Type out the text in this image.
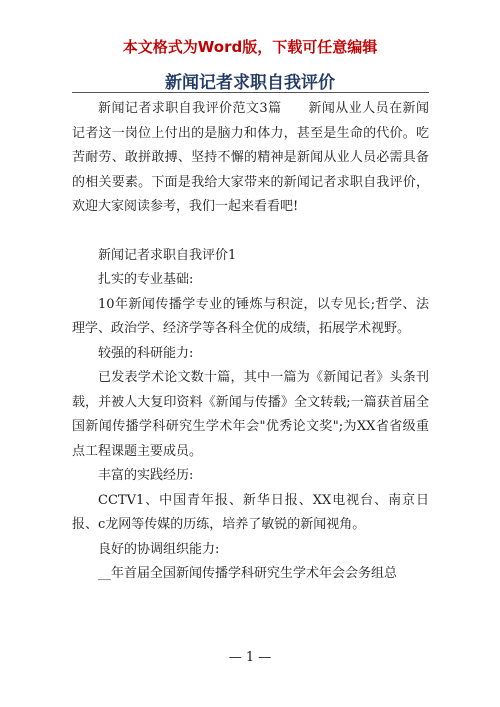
本文格式为Word版，下载可任意编辑
新闻记者求职自我评价

新闻记者求职自我评价范文3篇　　新闻从业人员在新闻记者这一岗位上付出的是脑力和体力，甚至是生命的代价。吃苦耐劳、敢拼敢搏、坚持不懈的精神是新闻从业人员必需具备的相关要素。下面是我给大家带来的新闻记者求职自我评价，欢迎大家阅读参考，我们一起来看看吧!

新闻记者求职自我评价1

扎实的专业基础:

10年新闻传播学专业的锤炼与积淀，以专见长;哲学、法理学、政治学、经济学等各科全优的成绩，拓展学术视野。

较强的科研能力:

已发表学术论文数十篇，其中一篇为《新闻记者》头条刊载，并被人大复印资料《新闻与传播》全文转载;一篇获首届全国新闻传播学科研究生学术年会"优秀论文奖";为XX省省级重点工程课题主要成员。

丰富的实践经历:

CCTV1、中国青年报、新华日报、XX电视台、南京日报、c龙网等传媒的历练，培养了敏锐的新闻视角。

良好的协调组织能力:

__年首届全国新闻传播学科研究生学术年会会务组总

— 1 —
